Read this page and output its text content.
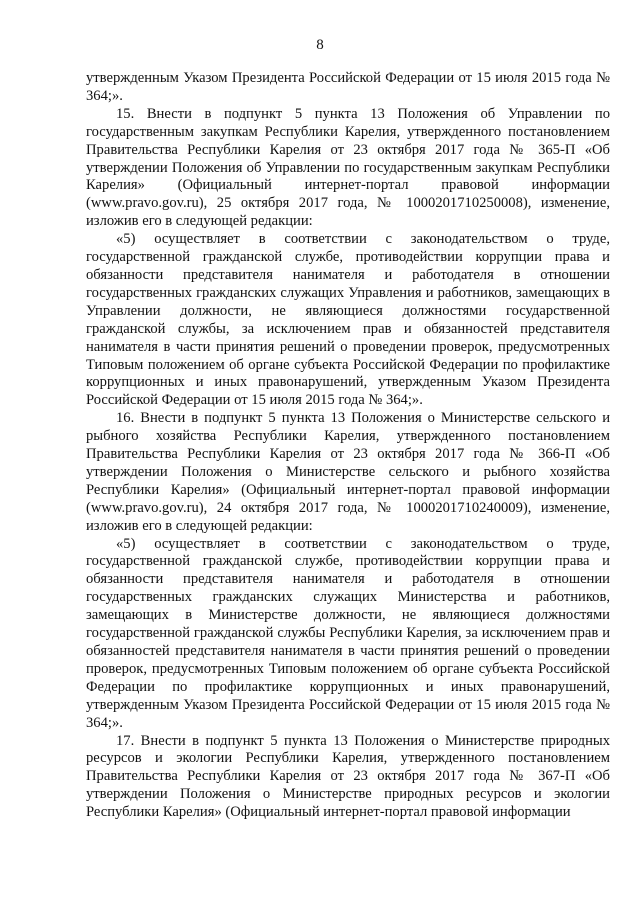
8

утвержденным Указом Президента Российской Федерации от 15 июля 2015 года № 364;».

15. Внести в подпункт 5 пункта 13 Положения об Управлении по государственным закупкам Республики Карелия, утвержденного постановлением Правительства Республики Карелия от 23 октября 2017 года № 365-П «Об утверждении Положения об Управлении по государственным закупкам Республики Карелия» (Официальный интернет-портал правовой информации (www.pravo.gov.ru), 25 октября 2017 года, № 1000201710250008), изменение, изложив его в следующей редакции:

«5) осуществляет в соответствии с законодательством о труде, государственной гражданской службе, противодействии коррупции права и обязанности представителя нанимателя и работодателя в отношении государственных гражданских служащих Управления и работников, замещающих в Управлении должности, не являющиеся должностями государственной гражданской службы, за исключением прав и обязанностей представителя нанимателя в части принятия решений о проведении проверок, предусмотренных Типовым положением об органе субъекта Российской Федерации по профилактике коррупционных и иных правонарушений, утвержденным Указом Президента Российской Федерации от 15 июля 2015 года № 364;».

16. Внести в подпункт 5 пункта 13 Положения о Министерстве сельского и рыбного хозяйства Республики Карелия, утвержденного постановлением Правительства Республики Карелия от 23 октября 2017 года № 366-П «Об утверждении Положения о Министерстве сельского и рыбного хозяйства Республики Карелия» (Официальный интернет-портал правовой информации (www.pravo.gov.ru), 24 октября 2017 года, № 1000201710240009), изменение, изложив его в следующей редакции:

«5) осуществляет в соответствии с законодательством о труде, государственной гражданской службе, противодействии коррупции права и обязанности представителя нанимателя и работодателя в отношении государственных гражданских служащих Министерства и работников, замещающих в Министерстве должности, не являющиеся должностями государственной гражданской службы Республики Карелия, за исключением прав и обязанностей представителя нанимателя в части принятия решений о проведении проверок, предусмотренных Типовым положением об органе субъекта Российской Федерации по профилактике коррупционных и иных правонарушений, утвержденным Указом Президента Российской Федерации от 15 июля 2015 года № 364;».

17. Внести в подпункт 5 пункта 13 Положения о Министерстве природных ресурсов и экологии Республики Карелия, утвержденного постановлением Правительства Республики Карелия от 23 октября 2017 года № 367-П «Об утверждении Положения о Министерстве природных ресурсов и экологии Республики Карелия» (Официальный интернет-портал правовой информации
